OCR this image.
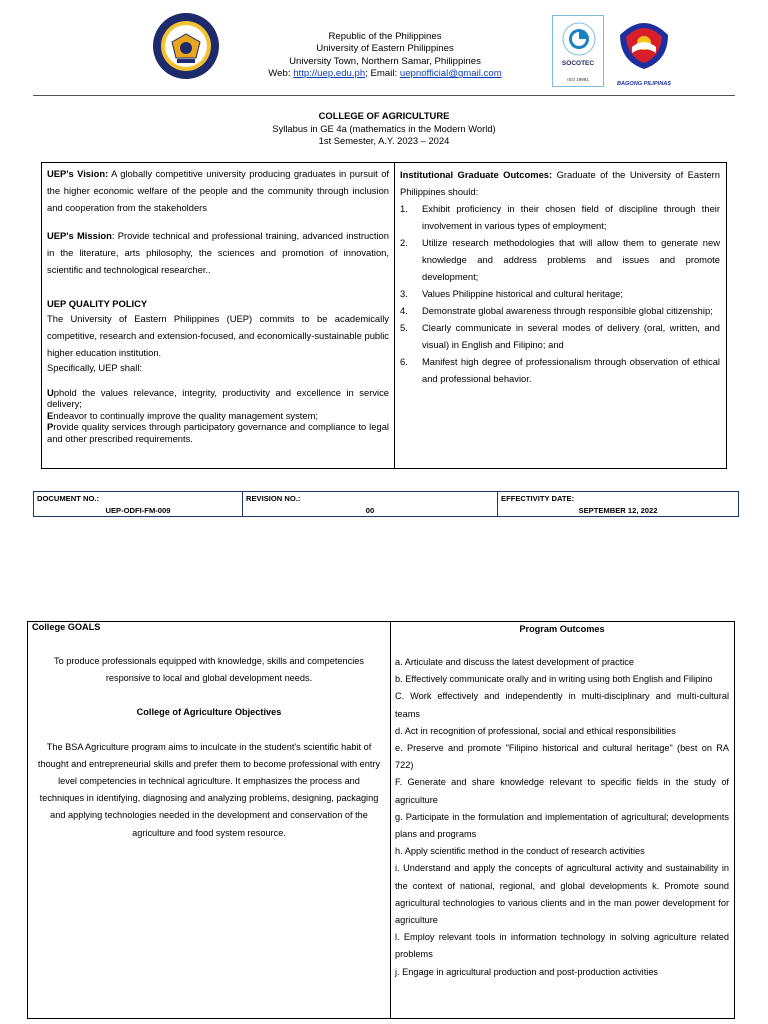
Republic of the Philippines
University of Eastern Philippines
University Town, Northern Samar, Philippines
Web: http://uep.edu.ph; Email: uepnofficial@gmail.com
SOCOTEC
ISO 19991
BAGONG PILIPINAS
COLLEGE OF AGRICULTURE
Syllabus in GE 4a (mathematics in the Modern World)
1st Semester, A.Y. 2023 – 2024

UEP's Vision: A globally competitive university producing graduates in pursuit of the higher economic welfare of the people and the community through inclusion and cooperation from the stakeholders

UEP's Mission: Provide technical and professional training, advanced instruction in the literature, arts philosophy, the sciences and promotion of innovation, scientific and technological researcher..

UEP QUALITY POLICY

The University of Eastern Philippines (UEP) commits to be academically competitive, research and extension-focused, and economically-sustainable public higher education institution.

Specifically, UEP shall:

Uphold the values relevance, integrity, productivity and excellence in service delivery;

Endeavor to continually improve the quality management system;

Provide quality services through participatory governance and compliance to legal and other prescribed requirements.

Institutional Graduate Outcomes: Graduate of the University of Eastern Philippines should:

1.	Exhibit proficiency in their chosen field of discipline through their involvement in various types of employment;
2.	Utilize research methodologies that will allow them to generate new knowledge and address problems and issues and promote development;
3.	Values Philippine historical and cultural heritage;
4.	Demonstrate global awareness through responsible global citizenship;
5.	Clearly communicate in several modes of delivery (oral, written, and visual) in English and Filipino; and
6.	Manifest high degree of professionalism through observation of ethical and professional behavior.
DOCUMENT NO.:
UEP-ODFI-FM-009
REVISION NO.:
00
EFFECTIVITY DATE:
SEPTEMBER 12, 2022
College GOALS
To produce professionals equipped with knowledge, skills and competencies responsive to local and global development needs.
College of Agriculture Objectives
The BSA Agriculture program aims to inculcate in the student's scientific habit of thought and entrepreneurial skills and prefer them to become professional with entry level competencies in technical agriculture. It emphasizes the process and techniques in identifying, diagnosing and analyzing problems, designing, packaging and applying technologies needed in the development and conservation of the agriculture and food system resource.
Program Outcomes

a. Articulate and discuss the latest development of practice

b. Effectively communicate orally and in writing using both English and Filipino

C. Work effectively and independently in multi-disciplinary and multi-cultural teams

d. Act in recognition of professional, social and ethical responsibilities

e. Preserve and promote "Filipino historical and cultural heritage" (best on RA 722)

F. Generate and share knowledge relevant to specific fields in the study of agriculture

g. Participate in the formulation and implementation of agricultural; developments plans and programs

h. Apply scientific method in the conduct of research activities

i. Understand and apply the concepts of agricultural activity and sustainability in the context of national, regional, and global developments k. Promote sound agricultural technologies to various clients and in the man power development for agriculture

l. Employ relevant tools in information technology in solving agriculture related problems

j. Engage in agricultural production and post-production activities
